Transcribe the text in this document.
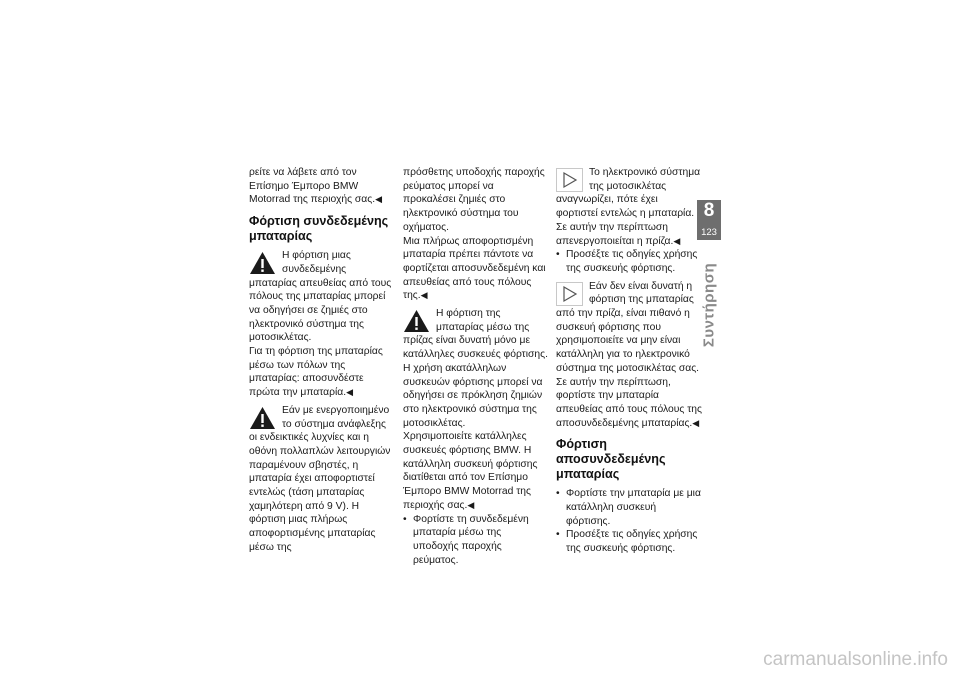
ρείτε να λάβετε από τον Επίσημο Έμπορο BMW Motorrad της περιοχής σας.◀

Φόρτιση συνδεδεμένης μπαταρίας

Η φόρτιση μιας συνδεδεμένης μπαταρίας απευθείας από τους πόλους της μπαταρίας μπορεί να οδηγήσει σε ζημιές στο ηλεκτρονικό σύστημα της μοτοσικλέτας.

Για τη φόρτιση της μπαταρίας μέσω των πόλων της μπαταρίας: αποσυνδέστε πρώτα την μπαταρία.◀

Εάν με ενεργοποιημένο το σύστημα ανάφλεξης οι ενδεικτικές λυχνίες και η οθόνη πολλαπλών λειτουργιών παραμένουν σβηστές, η μπαταρία έχει αποφορτιστεί εντελώς (τάση μπαταρίας χαμηλότερη από 9 V). Η φόρτιση μιας πλήρως αποφορτισμένης μπαταρίας μέσω της

πρόσθετης υποδοχής παροχής ρεύματος μπορεί να προκαλέσει ζημιές στο ηλεκτρονικό σύστημα του οχήματος.

Μια πλήρως αποφορτισμένη μπαταρία πρέπει πάντοτε να φορτίζεται αποσυνδεδεμένη και απευθείας από τους πόλους της.◀

Η φόρτιση της μπαταρίας μέσω της πρίζας είναι δυνατή μόνο με κατάλληλες συσκευές φόρτισης. Η χρήση ακατάλληλων συσκευών φόρτισης μπορεί να οδηγήσει σε πρόκληση ζημιών στο ηλεκτρονικό σύστημα της μοτοσικλέτας.

Χρησιμοποιείτε κατάλληλες συσκευές φόρτισης BMW. Η κατάλληλη συσκευή φόρτισης διατίθεται από τον Επίσημο Έμπορο BMW Motorrad της περιοχής σας.◀

• Φορτίστε τη συνδεδεμένη μπαταρία μέσω της υποδοχής παροχής ρεύματος.

Το ηλεκτρονικό σύστημα της μοτοσικλέτας αναγνωρίζει, πότε έχει φορτιστεί εντελώς η μπαταρία. Σε αυτήν την περίπτωση απενεργοποιείται η πρίζα.◀

• Προσέξτε τις οδηγίες χρήσης της συσκευής φόρτισης.

Εάν δεν είναι δυνατή η φόρτιση της μπαταρίας από την πρίζα, είναι πιθανό η συσκευή φόρτισης που χρησιμοποιείτε να μην είναι κατάλληλη για το ηλεκτρονικό σύστημα της μοτοσικλέτας σας. Σε αυτήν την περίπτωση, φορτίστε την μπαταρία απευθείας από τους πόλους της αποσυνδεδεμένης μπαταρίας.◀

Φόρτιση αποσυνδεδεμένης μπαταρίας
• Φορτίστε την μπαταρία με μια κατάλληλη συσκευή φόρτισης.
• Προσέξτε τις οδηγίες χρήσης της συσκευής φόρτισης.
8
123
Συντήρηση
carmanualsonline.info
